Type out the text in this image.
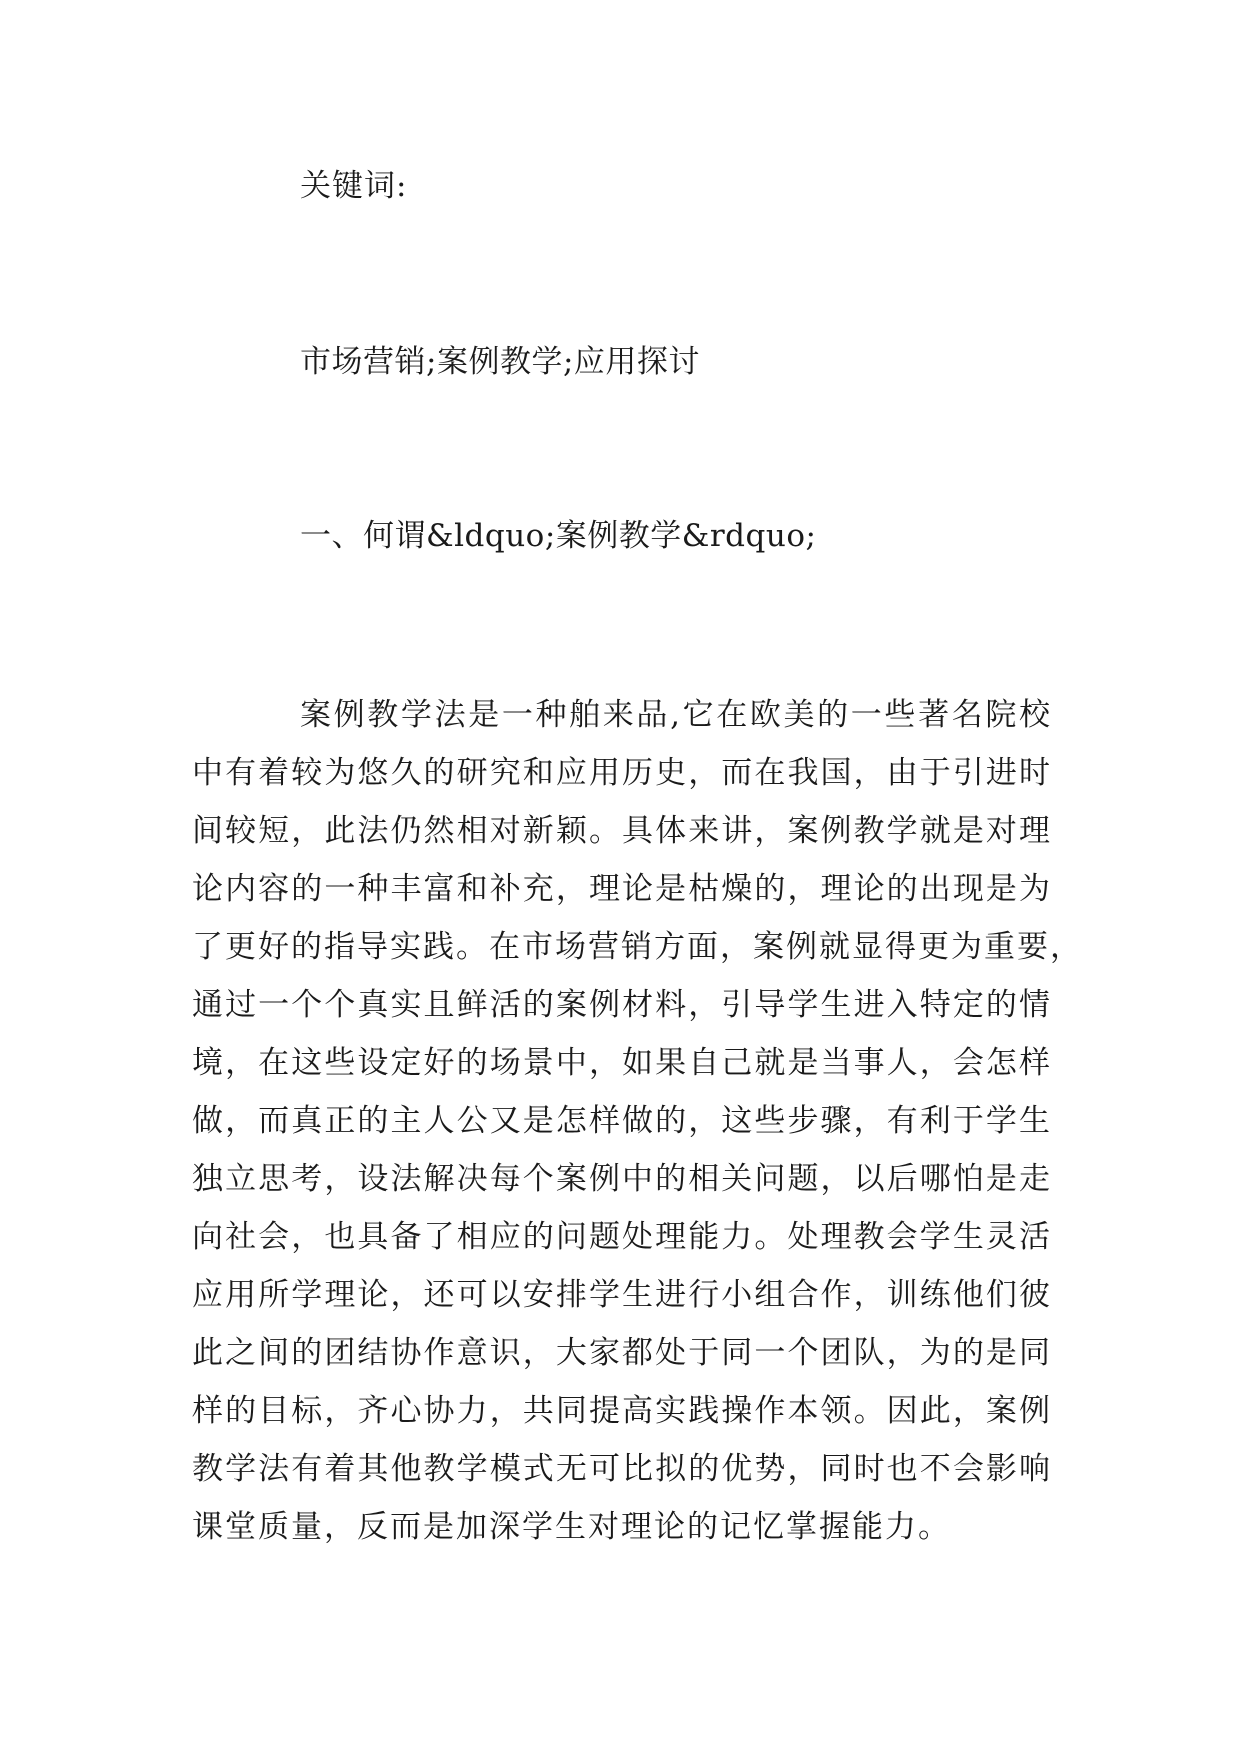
关键词:
市场营销;案例教学;应用探讨
一、何谓&ldquo;案例教学&rdquo;
案例教学法是一种舶来品,它在欧美的一些著名院校
中有着较为悠久的研究和应用历史，而在我国，由于引进时
间较短，此法仍然相对新颖。具体来讲，案例教学就是对理
论内容的一种丰富和补充，理论是枯燥的，理论的出现是为
了更好的指导实践。在市场营销方面，案例就显得更为重要，
通过一个个真实且鲜活的案例材料，引导学生进入特定的情
境，在这些设定好的场景中，如果自己就是当事人，会怎样
做，而真正的主人公又是怎样做的，这些步骤，有利于学生
独立思考，设法解决每个案例中的相关问题，以后哪怕是走
向社会，也具备了相应的问题处理能力。处理教会学生灵活
应用所学理论，还可以安排学生进行小组合作，训练他们彼
此之间的团结协作意识，大家都处于同一个团队，为的是同
样的目标，齐心协力，共同提高实践操作本领。因此，案例
教学法有着其他教学模式无可比拟的优势，同时也不会影响
课堂质量，反而是加深学生对理论的记忆掌握能力。
